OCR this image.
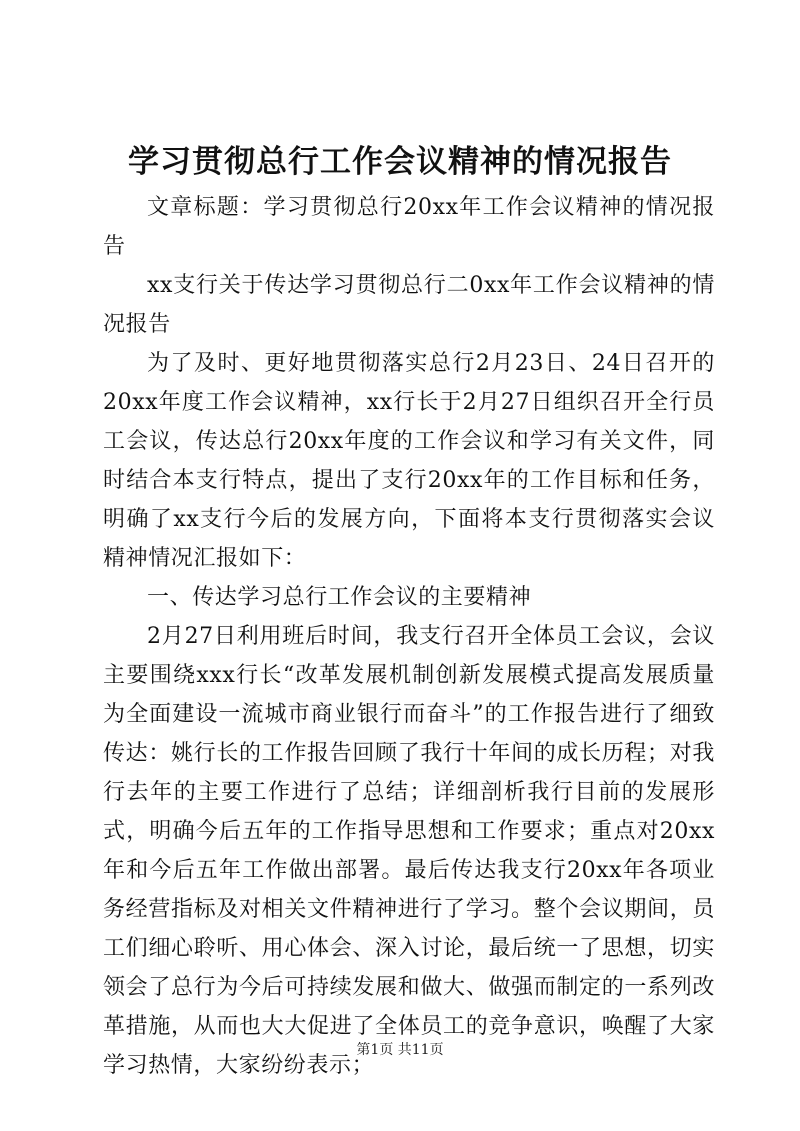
学习贯彻总行工作会议精神的情况报告

文章标题：学习贯彻总行20xx年工作会议精神的情况报告

xx支行关于传达学习贯彻总行二0xx年工作会议精神的情况报告

为了及时、更好地贯彻落实总行2月23日、24日召开的20xx年度工作会议精神，xx行长于2月27日组织召开全行员工会议，传达总行20xx年度的工作会议和学习有关文件，同时结合本支行特点，提出了支行20xx年的工作目标和任务，明确了xx支行今后的发展方向，下面将本支行贯彻落实会议精神情况汇报如下：

一、传达学习总行工作会议的主要精神

2月27日利用班后时间，我支行召开全体员工会议，会议主要围绕xxx行长“改革发展机制创新发展模式提高发展质量为全面建设一流城市商业银行而奋斗”的工作报告进行了细致传达：姚行长的工作报告回顾了我行十年间的成长历程；对我行去年的主要工作进行了总结；详细剖析我行目前的发展形式，明确今后五年的工作指导思想和工作要求；重点对20xx年和今后五年工作做出部署。最后传达我支行20xx年各项业务经营指标及对相关文件精神进行了学习。整个会议期间，员工们细心聆听、用心体会、深入讨论，最后统一了思想，切实领会了总行为今后可持续发展和做大、做强而制定的一系列改革措施，从而也大大促进了全体员工的竞争意识，唤醒了大家学习热情，大家纷纷表示；

第1页 共11页
